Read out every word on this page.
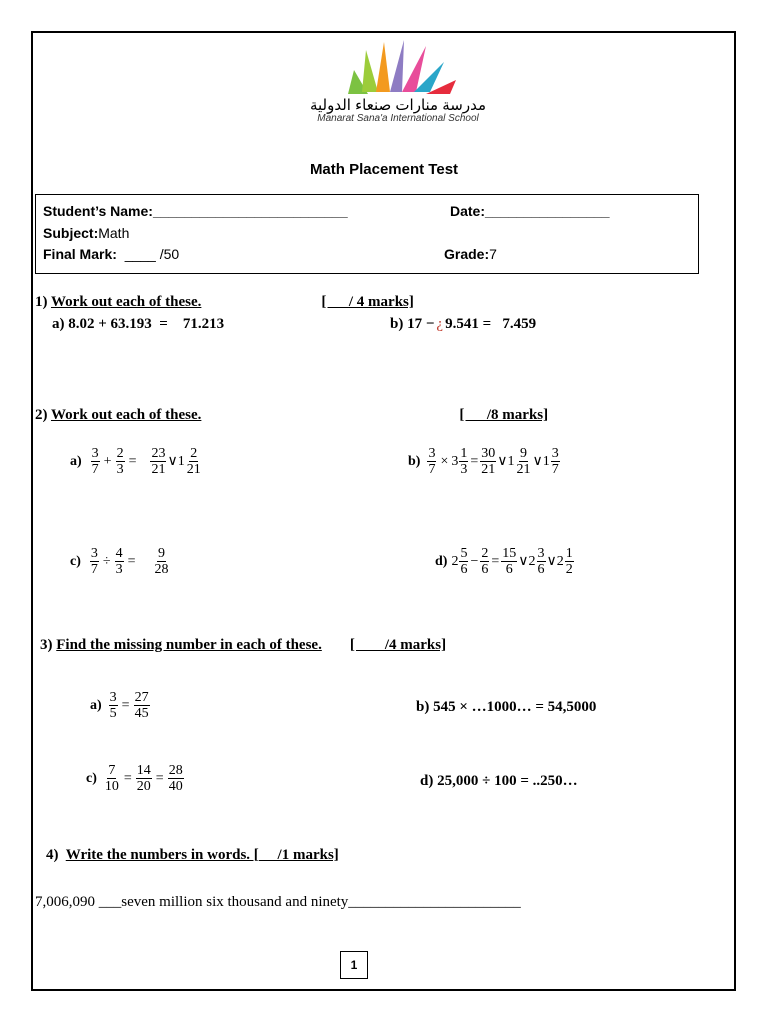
مدرسة منارات صنعاء الدولية
Manarat Sana'a International School
Math Placement Test
Student’s Name:_________________________	Date:________________
Subject:Math
Final Mark: ____ /50	Grade:7
1) Work out each of these.	[      / 4 marks]
a) 8.02 + 63.193  =    71.213	b) 17 − ¿ 9.541 =   7.459
2) Work out each of these.	[      /8 marks]
$a) \frac{3}{7} + \frac{2}{3} = \frac{23}{21}$ ∨ $1 \frac{2}{21}$	$b) \frac{3}{7} \times 3 \frac{1}{3} = \frac{30}{21}$ ∨ $1 \frac{9}{21}$ ∨ $1 \frac{3}{7}$
$c) \frac{3}{7} \div \frac{4}{3} = \frac{9}{28}$	d) $2 \frac{5}{6} - \frac{2}{6} = \frac{15}{6}$ ∨ $2 \frac{3}{6}$ ∨ $2 \frac{1}{2}$
3) Find the missing number in each of these. [        /4 marks]
$a) \frac{3}{5} = \frac{27}{45}$	b) 545 × …1000… = 54,5000
$c) \frac{7}{10} = \frac{14}{20} = \frac{28}{40}$	d) 25,000 ÷ 100 = ..250…
4) Write the numbers in words. [     /1 marks]
7,006,090 ___seven million six thousand and ninety_______________________
1
